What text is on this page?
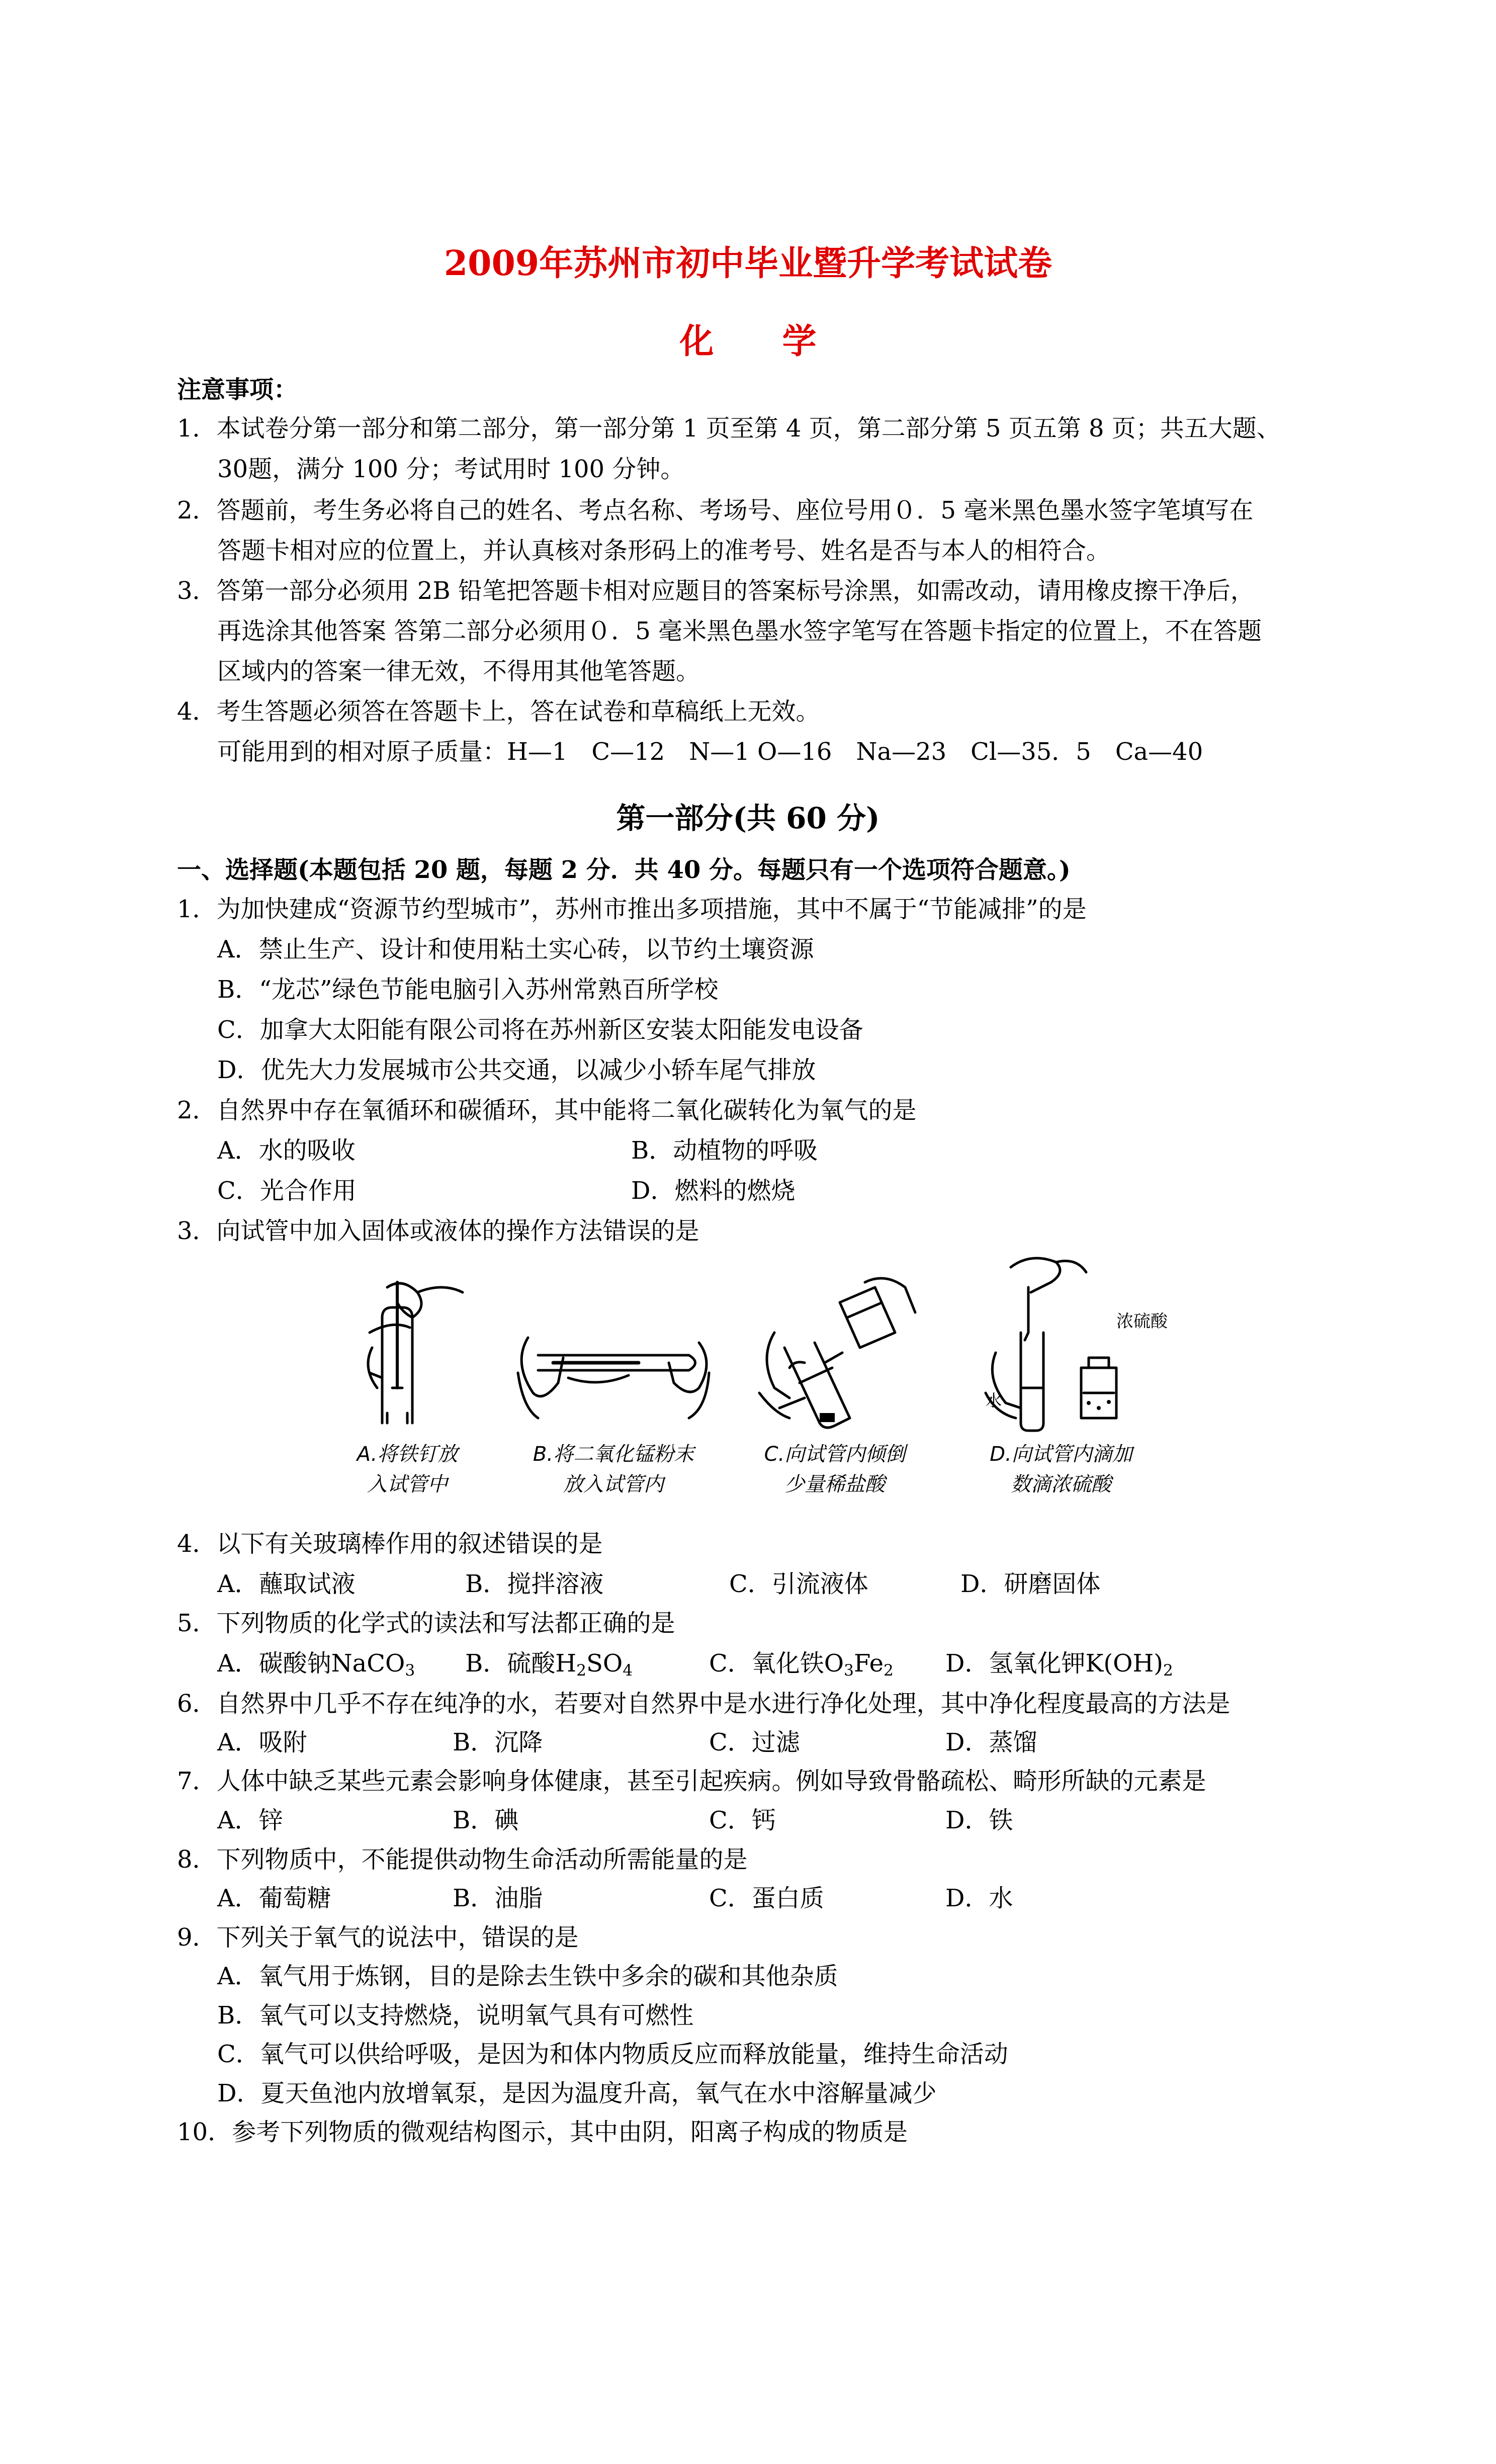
2009年苏州市初中毕业暨升学考试试卷
化　　学
注意事项：
1．本试卷分第一部分和第二部分，第一部分第 1 页至第 4 页，第二部分第 5 页五第 8 页；共五大题、
30题，满分 100 分；考试用时 100 分钟。
2．答题前，考生务必将自己的姓名、考点名称、考场号、座位号用０．5 毫米黑色墨水签字笔填写在
答题卡相对应的位置上，并认真核对条形码上的准考号、姓名是否与本人的相符合。
3．答第一部分必须用 2B 铅笔把答题卡相对应题目的答案标号涂黑，如需改动，请用橡皮擦干净后，
再选涂其他答案 答第二部分必须用０．5 毫米黑色墨水签字笔写在答题卡指定的位置上，不在答题
区域内的答案一律无效，不得用其他笔答题。
4．考生答题必须答在答题卡上，答在试卷和草稿纸上无效。
可能用到的相对原子质量：H—1　C—12　N—1 O—16　Na—23　Cl—35．5　Ca—40
第一部分(共 60 分)
一、选择题(本题包括 20 题，每题 2 分．共 40 分。每题只有一个选项符合题意。)
1．为加快建成“资源节约型城市”，苏州市推出多项措施，其中不属于“节能减排”的是
A．禁止生产、设计和使用粘土实心砖，以节约土壤资源
B．“龙芯”绿色节能电脑引入苏州常熟百所学校
C．加拿大太阳能有限公司将在苏州新区安装太阳能发电设备
D．优先大力发展城市公共交通，以减少小轿车尾气排放
2．自然界中存在氧循环和碳循环，其中能将二氧化碳转化为氧气的是
A．水的吸收	B．动植物的呼吸
C．光合作用	D．燃料的燃烧
3．向试管中加入固体或液体的操作方法错误的是
A.将铁钉放
入试管中
B.将二氧化锰粉末
放入试管内
C.向试管内倾倒
少量稀盐酸
浓硫酸
水
D.向试管内滴加
数滴浓硫酸
4．以下有关玻璃棒作用的叙述错误的是
A．蘸取试液	B．搅拌溶液	C．引流液体	D．研磨固体
5．下列物质的化学式的读法和写法都正确的是
A．碳酸钠NaCO$_3$ B．硫酸$H_2SO_4$	C．氧化铁$O_3Fe_2$ D．氢氧化钾$K(OH)_2$
6．自然界中几乎不存在纯净的水，若要对自然界中是水进行净化处理，其中净化程度最高的方法是
A．吸附	B．沉降	C．过滤	D．蒸馏
7．人体中缺乏某些元素会影响身体健康，甚至引起疾病。例如导致骨骼疏松、畸形所缺的元素是
A．锌	B．碘	C．钙	D．铁
8．下列物质中，不能提供动物生命活动所需能量的是
A．葡萄糖	B．油脂	C．蛋白质	D．水
9．下列关于氧气的说法中，错误的是
A．氧气用于炼钢，目的是除去生铁中多余的碳和其他杂质
B．氧气可以支持燃烧，说明氧气具有可燃性
C．氧气可以供给呼吸，是因为和体内物质反应而释放能量，维持生命活动
D．夏天鱼池内放增氧泵，是因为温度升高，氧气在水中溶解量减少
10．参考下列物质的微观结构图示，其中由阴，阳离子构成的物质是
